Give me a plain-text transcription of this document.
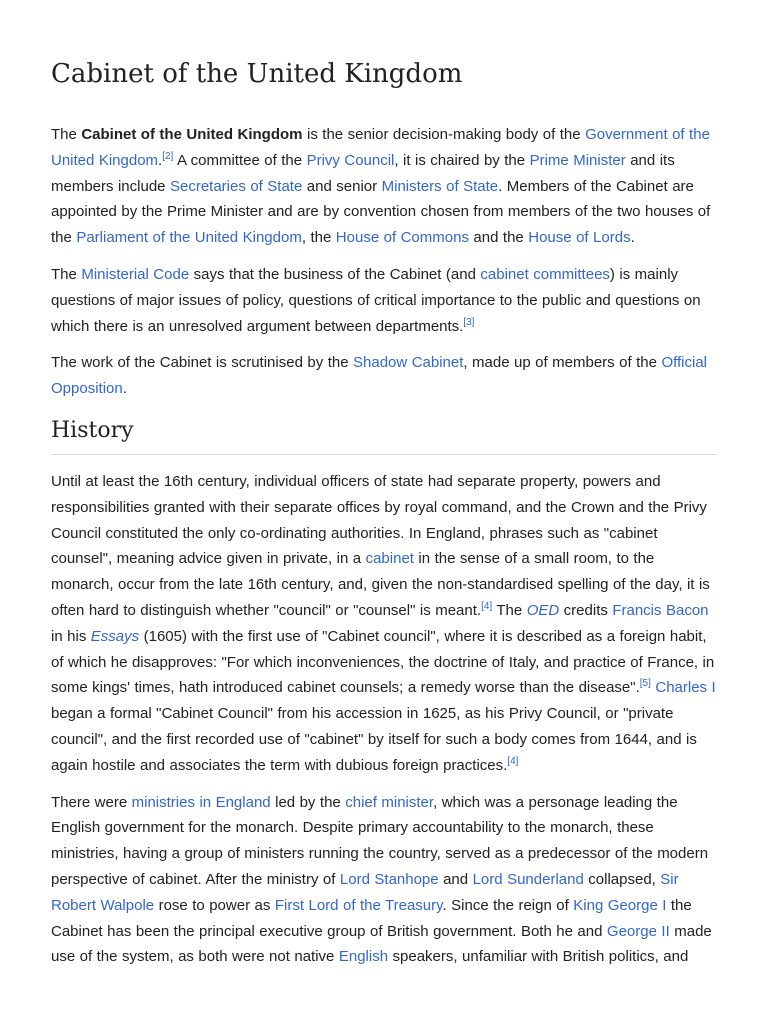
Cabinet of the United Kingdom

The Cabinet of the United Kingdom is the senior decision-making body of the Government of the United Kingdom.[2] A committee of the Privy Council, it is chaired by the Prime Minister and its members include Secretaries of State and senior Ministers of State. Members of the Cabinet are appointed by the Prime Minister and are by convention chosen from members of the two houses of the Parliament of the United Kingdom, the House of Commons and the House of Lords.

The Ministerial Code says that the business of the Cabinet (and cabinet committees) is mainly questions of major issues of policy, questions of critical importance to the public and questions on which there is an unresolved argument between departments.[3]

The work of the Cabinet is scrutinised by the Shadow Cabinet, made up of members of the Official Opposition.

History

Until at least the 16th century, individual officers of state had separate property, powers and responsibilities granted with their separate offices by royal command, and the Crown and the Privy Council constituted the only co-ordinating authorities. In England, phrases such as "cabinet counsel", meaning advice given in private, in a cabinet in the sense of a small room, to the monarch, occur from the late 16th century, and, given the non-standardised spelling of the day, it is often hard to distinguish whether "council" or "counsel" is meant.[4] The OED credits Francis Bacon in his Essays (1605) with the first use of "Cabinet council", where it is described as a foreign habit, of which he disapproves: "For which inconveniences, the doctrine of Italy, and practice of France, in some kings' times, hath introduced cabinet counsels; a remedy worse than the disease".[5] Charles I began a formal "Cabinet Council" from his accession in 1625, as his Privy Council, or "private council", and the first recorded use of "cabinet" by itself for such a body comes from 1644, and is again hostile and associates the term with dubious foreign practices.[4]

There were ministries in England led by the chief minister, which was a personage leading the English government for the monarch. Despite primary accountability to the monarch, these ministries, having a group of ministers running the country, served as a predecessor of the modern perspective of cabinet. After the ministry of Lord Stanhope and Lord Sunderland collapsed, Sir Robert Walpole rose to power as First Lord of the Treasury. Since the reign of King George I the Cabinet has been the principal executive group of British government. Both he and George II made use of the system, as both were not native English speakers, unfamiliar with British politics, and
